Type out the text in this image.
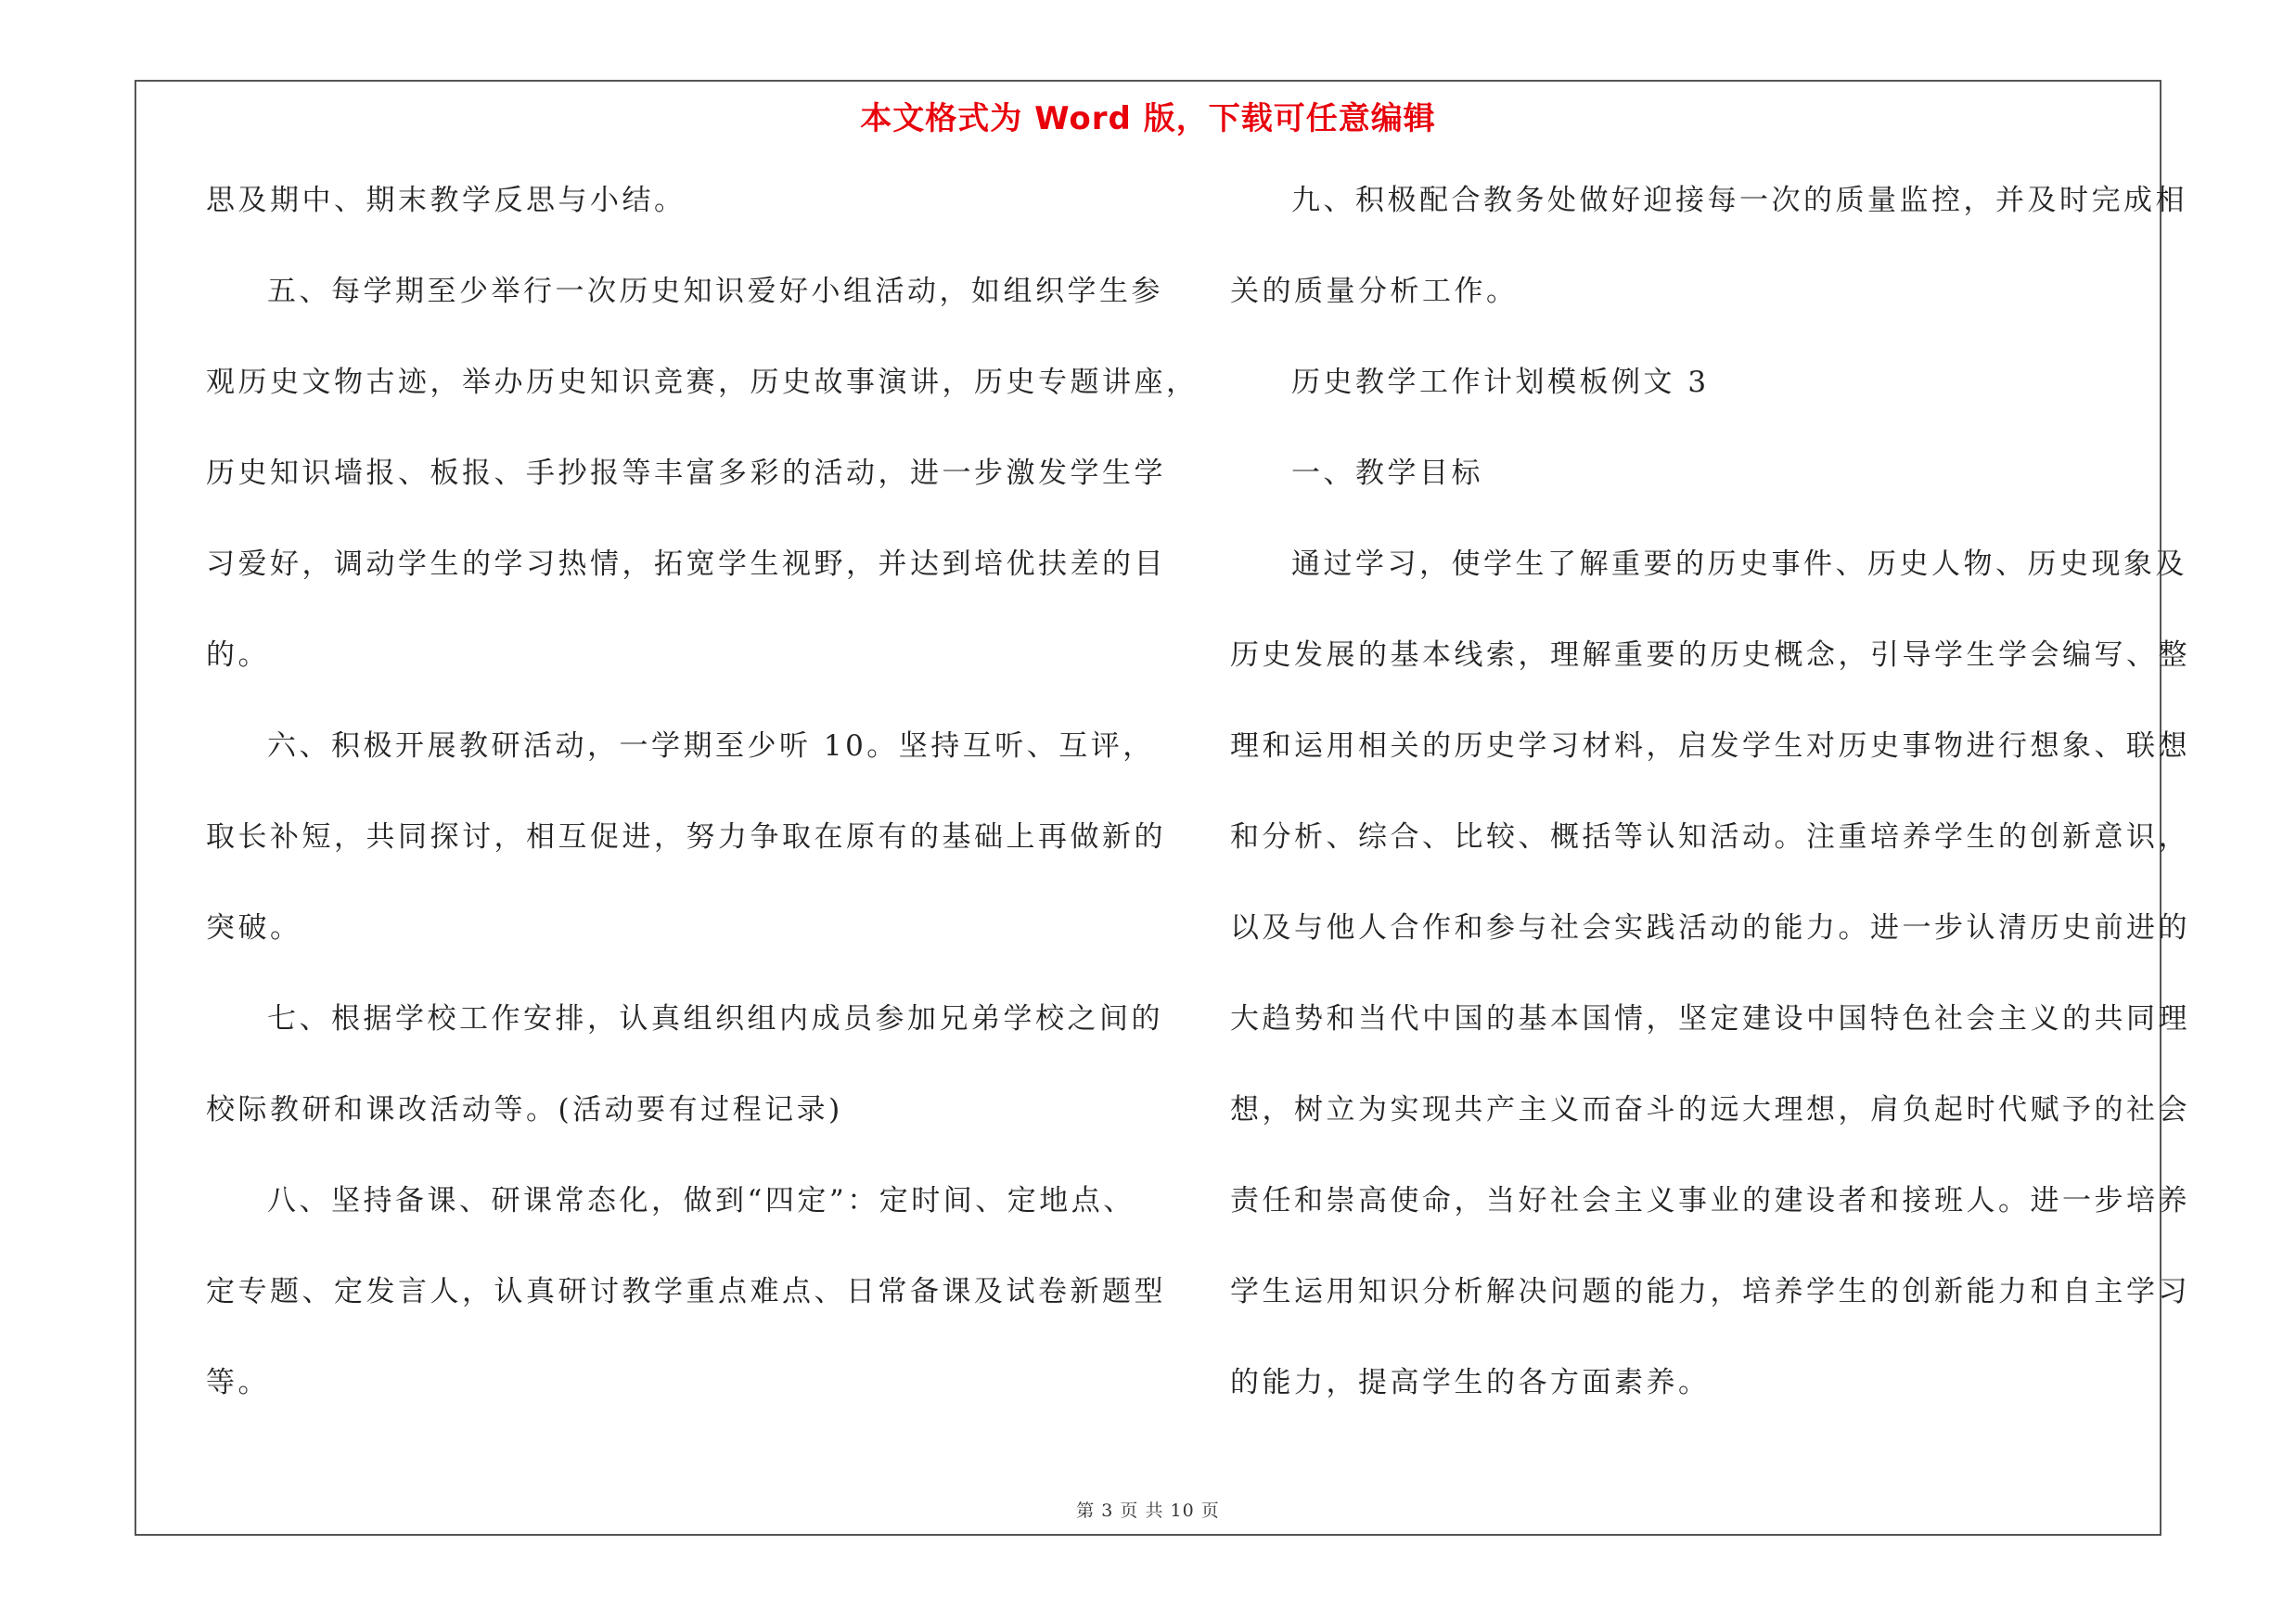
本文格式为 Word 版，下载可任意编辑
思及期中、期末教学反思与小结。
五、每学期至少举行一次历史知识爱好小组活动，如组织学生参
观历史文物古迹，举办历史知识竞赛，历史故事演讲，历史专题讲座，
历史知识墙报、板报、手抄报等丰富多彩的活动，进一步激发学生学
习爱好，调动学生的学习热情，拓宽学生视野，并达到培优扶差的目
的。
六、积极开展教研活动，一学期至少听 10。坚持互听、互评，
取长补短，共同探讨，相互促进，努力争取在原有的基础上再做新的
突破。
七、根据学校工作安排，认真组织组内成员参加兄弟学校之间的
校际教研和课改活动等。(活动要有过程记录)
八、坚持备课、研课常态化，做到“四定”：定时间、定地点、
定专题、定发言人，认真研讨教学重点难点、日常备课及试卷新题型
等。
九、积极配合教务处做好迎接每一次的质量监控，并及时完成相
关的质量分析工作。
历史教学工作计划模板例文 3
一、教学目标
通过学习，使学生了解重要的历史事件、历史人物、历史现象及
历史发展的基本线索，理解重要的历史概念，引导学生学会编写、整
理和运用相关的历史学习材料，启发学生对历史事物进行想象、联想
和分析、综合、比较、概括等认知活动。注重培养学生的创新意识，
以及与他人合作和参与社会实践活动的能力。进一步认清历史前进的
大趋势和当代中国的基本国情，坚定建设中国特色社会主义的共同理
想，树立为实现共产主义而奋斗的远大理想，肩负起时代赋予的社会
责任和崇高使命，当好社会主义事业的建设者和接班人。进一步培养
学生运用知识分析解决问题的能力，培养学生的创新能力和自主学习
的能力，提高学生的各方面素养。
第 3 页 共 10 页
